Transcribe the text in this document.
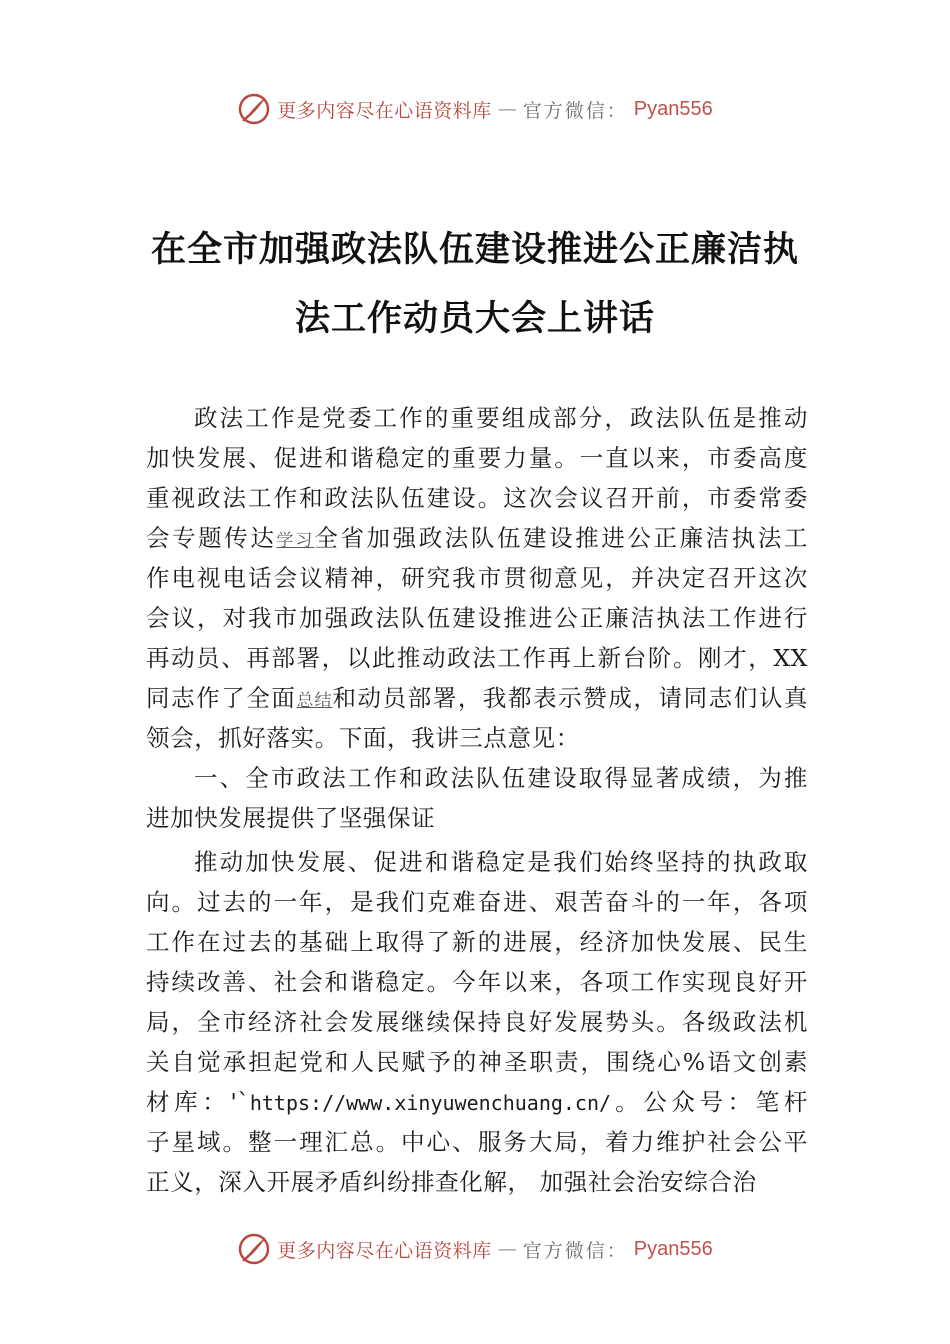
更多内容尽在心语资料库 — 官方微信： Pyan556
在全市加强政法队伍建设推进公正廉洁执
法工作动员大会上讲话
政法工作是党委工作的重要组成部分，政法队伍是推动
加快发展、促进和谐稳定的重要力量。一直以来，市委高度
重视政法工作和政法队伍建设。这次会议召开前，市委常委
会专题传达学习全省加强政法队伍建设推进公正廉洁执法工
作电视电话会议精神，研究我市贯彻意见，并决定召开这次
会议，对我市加强政法队伍建设推进公正廉洁执法工作进行
再动员、再部署，以此推动政法工作再上新台阶。刚才，XX
同志作了全面总结和动员部署，我都表示赞成，请同志们认真
领会，抓好落实。下面，我讲三点意见：
一、全市政法工作和政法队伍建设取得显著成绩，为推
进加快发展提供了坚强保证
推动加快发展、促进和谐稳定是我们始终坚持的执政取
向。过去的一年，是我们克难奋进、艰苦奋斗的一年，各项
工作在过去的基础上取得了新的进展，经济加快发展、民生
持续改善、社会和谐稳定。今年以来，各项工作实现良好开
局，全市经济社会发展继续保持良好发展势头。各级政法机
关自觉承担起党和人民赋予的神圣职责，围绕心%语文创素
材库：'`https://www.xinyuwenchuang.cn/。公众号：笔杆
子星域。整一理汇总。中心、服务大局，着力维护社会公平
正义，深入开展矛盾纠纷排查化解， 加强社会治安综合治
更多内容尽在心语资料库 — 官方微信： Pyan556
